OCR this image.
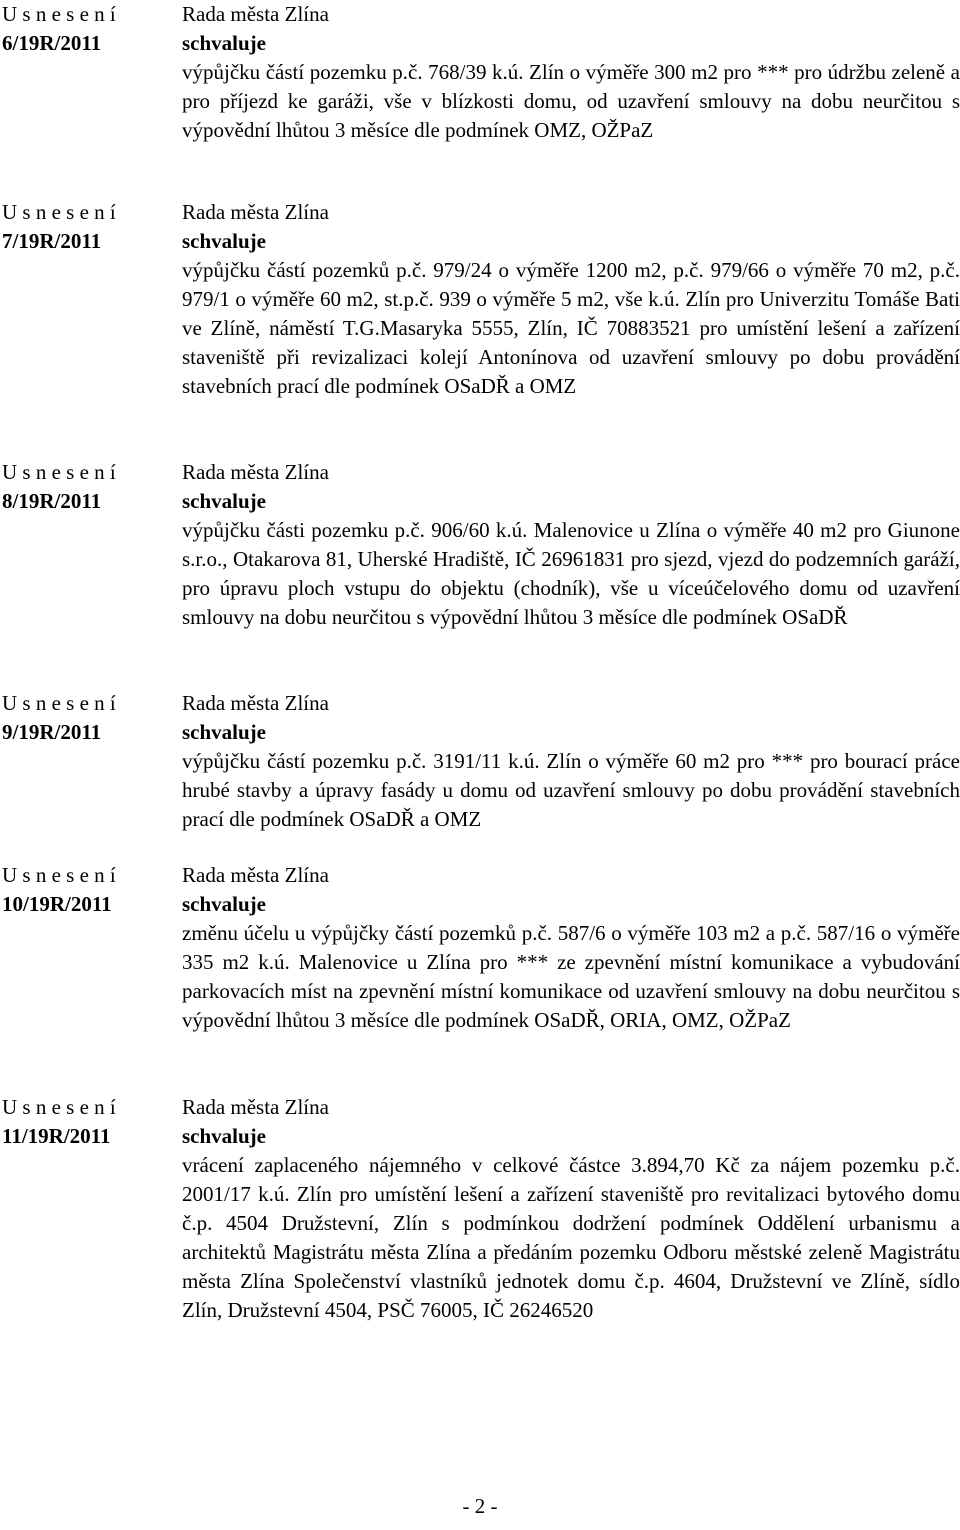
U s n e s e n í
6/19R/2011
Rada města Zlína
schvaluje
výpůjčku částí pozemku p.č. 768/39 k.ú. Zlín o výměře 300 m2 pro *** pro údržbu zeleně a pro příjezd ke garáži, vše v blízkosti domu, od uzavření smlouvy na dobu neurčitou s výpovědní lhůtou 3 měsíce dle podmínek OMZ, OŽPaZ
U s n e s e n í
7/19R/2011
Rada města Zlína
schvaluje
výpůjčku částí pozemků p.č. 979/24 o výměře 1200 m2, p.č. 979/66 o výměře 70 m2, p.č. 979/1 o výměře 60 m2, st.p.č. 939 o výměře 5 m2, vše k.ú. Zlín pro Univerzitu Tomáše Bati ve Zlíně, náměstí T.G.Masaryka 5555, Zlín, IČ 70883521 pro umístění lešení a zařízení staveniště při revizalizaci kolejí Antonínova od uzavření smlouvy po dobu provádění stavebních prací dle podmínek OSaDŘ a OMZ
U s n e s e n í
8/19R/2011
Rada města Zlína
schvaluje
výpůjčku části pozemku p.č. 906/60 k.ú. Malenovice u Zlína o výměře 40 m2 pro Giunone s.r.o., Otakarova 81, Uherské Hradiště, IČ 26961831 pro sjezd, vjezd do podzemních garáží, pro úpravu ploch vstupu do objektu (chodník), vše u víceúčelového domu od uzavření smlouvy na dobu neurčitou s výpovědní lhůtou 3 měsíce dle podmínek OSaDŘ
U s n e s e n í
9/19R/2011
Rada města Zlína
schvaluje
výpůjčku částí pozemku p.č. 3191/11 k.ú. Zlín o výměře 60 m2 pro *** pro bourací práce hrubé stavby a úpravy fasády u domu od uzavření smlouvy po dobu provádění stavebních prací dle podmínek OSaDŘ a OMZ
U s n e s e n í
10/19R/2011
Rada města Zlína
schvaluje
změnu účelu u výpůjčky částí pozemků p.č. 587/6 o výměře 103 m2 a p.č. 587/16 o výměře 335 m2 k.ú. Malenovice u Zlína pro *** ze zpevnění místní komunikace a vybudování parkovacích míst na zpevnění místní komunikace od uzavření smlouvy na dobu neurčitou s výpovědní lhůtou 3 měsíce dle podmínek OSaDŘ, ORIA, OMZ, OŽPaZ
U s n e s e n í
11/19R/2011
Rada města Zlína
schvaluje
vrácení zaplaceného nájemného v celkové částce 3.894,70 Kč za nájem pozemku p.č. 2001/17 k.ú. Zlín pro umístění lešení a zařízení staveniště pro revitalizaci bytového domu č.p. 4504 Družstevní, Zlín s podmínkou dodržení podmínek Oddělení urbanismu a architektů Magistrátu města Zlína a předáním pozemku Odboru městské zeleně Magistrátu města Zlína Společenství vlastníků jednotek domu č.p. 4604, Družstevní ve Zlíně, sídlo Zlín, Družstevní 4504, PSČ 76005, IČ 26246520
- 2 -
